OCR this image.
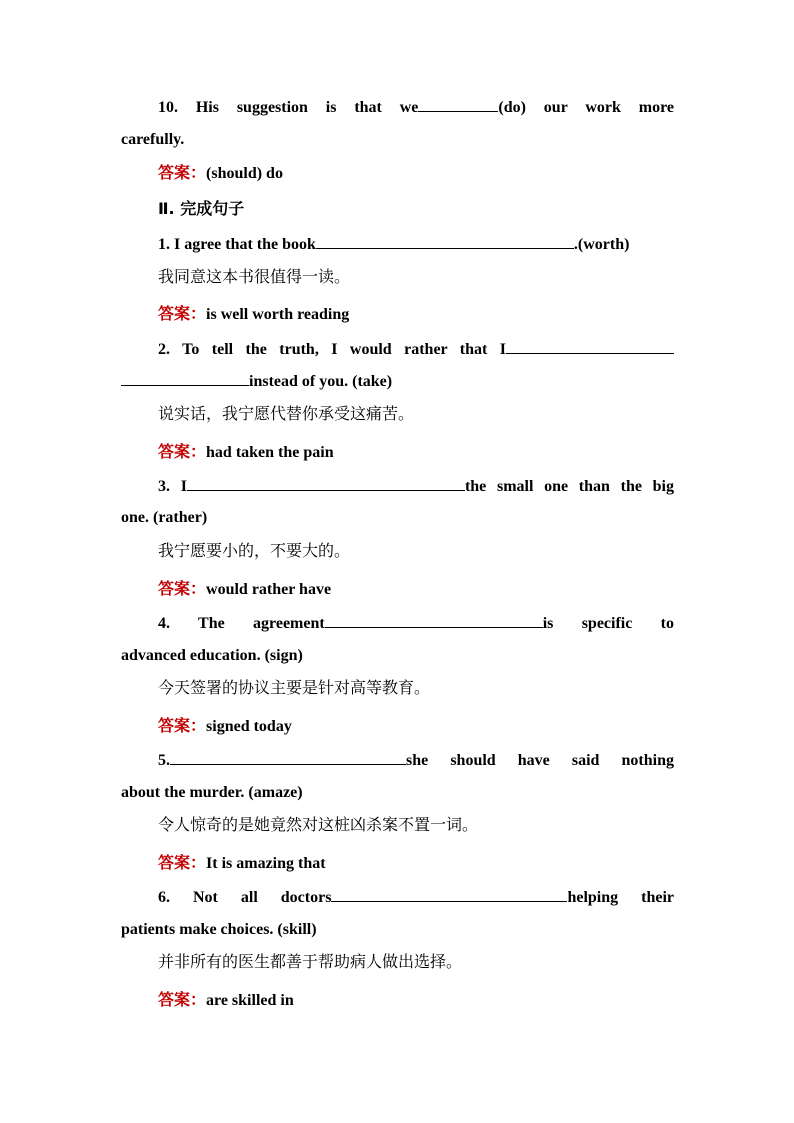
10. His suggestion is that we	(do) our work more
carefully.
答案：(should) do
Ⅱ. 完成句子
1. I agree that the book	.(worth)
我同意这本书很值得一读。
答案：is well worth reading
2. To tell the truth, I would rather that I
instead of you. (take)
说实话，我宁愿代替你承受这痛苦。
答案：had taken the pain
3. I	the small one than the big
one. (rather)
我宁愿要小的，不要大的。
答案：would rather have
4. The agreement	is specific to
advanced education. (sign)
今天签署的协议主要是针对高等教育。
答案：signed today
5.	she should have said nothing
about the murder. (amaze)
令人惊奇的是她竟然对这桩凶杀案不置一词。
答案：It is amazing that
6. Not all doctors	helping their
patients make choices. (skill)
并非所有的医生都善于帮助病人做出选择。
答案：are skilled in
